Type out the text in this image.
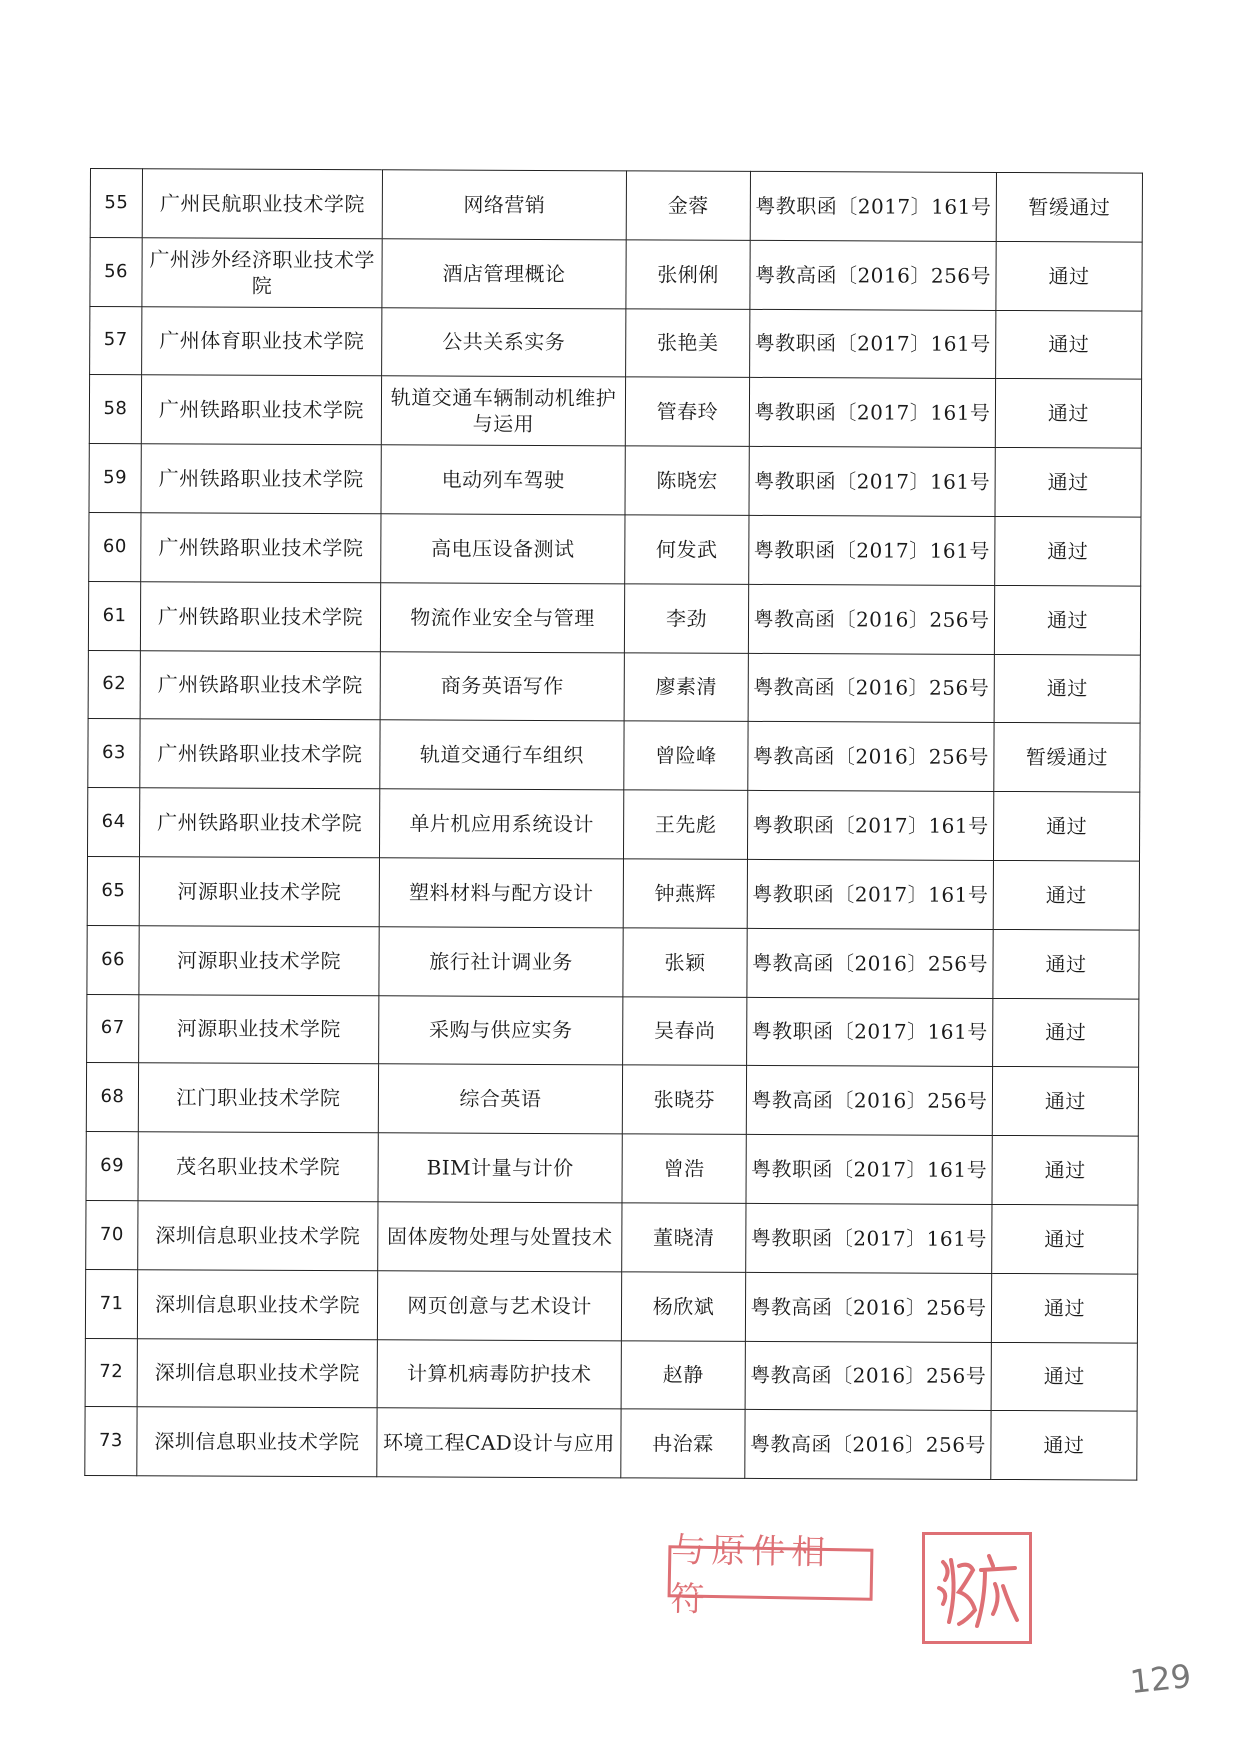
55	广州民航职业技术学院	网络营销	金蓉	粤教职函〔2017〕161号	暂缓通过
56	广州涉外经济职业技术学院	酒店管理概论	张俐俐	粤教高函〔2016〕256号	通过
57	广州体育职业技术学院	公共关系实务	张艳美	粤教职函〔2017〕161号	通过
58	广州铁路职业技术学院	轨道交通车辆制动机维护与运用	管春玲	粤教职函〔2017〕161号	通过
59	广州铁路职业技术学院	电动列车驾驶	陈晓宏	粤教职函〔2017〕161号	通过
60	广州铁路职业技术学院	高电压设备测试	何发武	粤教职函〔2017〕161号	通过
61	广州铁路职业技术学院	物流作业安全与管理	李劲	粤教高函〔2016〕256号	通过
62	广州铁路职业技术学院	商务英语写作	廖素清	粤教高函〔2016〕256号	通过
63	广州铁路职业技术学院	轨道交通行车组织	曾险峰	粤教高函〔2016〕256号	暂缓通过
64	广州铁路职业技术学院	单片机应用系统设计	王先彪	粤教职函〔2017〕161号	通过
65	河源职业技术学院	塑料材料与配方设计	钟燕辉	粤教职函〔2017〕161号	通过
66	河源职业技术学院	旅行社计调业务	张颖	粤教高函〔2016〕256号	通过
67	河源职业技术学院	采购与供应实务	吴春尚	粤教职函〔2017〕161号	通过
68	江门职业技术学院	综合英语	张晓芬	粤教高函〔2016〕256号	通过
69	茂名职业技术学院	BIM计量与计价	曾浩	粤教职函〔2017〕161号	通过
70	深圳信息职业技术学院	固体废物处理与处置技术	董晓清	粤教职函〔2017〕161号	通过
71	深圳信息职业技术学院	网页创意与艺术设计	杨欣斌	粤教高函〔2016〕256号	通过
72	深圳信息职业技术学院	计算机病毒防护技术	赵静	粤教高函〔2016〕256号	通过
73	深圳信息职业技术学院	环境工程CAD设计与应用	冉治霖	粤教高函〔2016〕256号	通过
与原件相符
129
